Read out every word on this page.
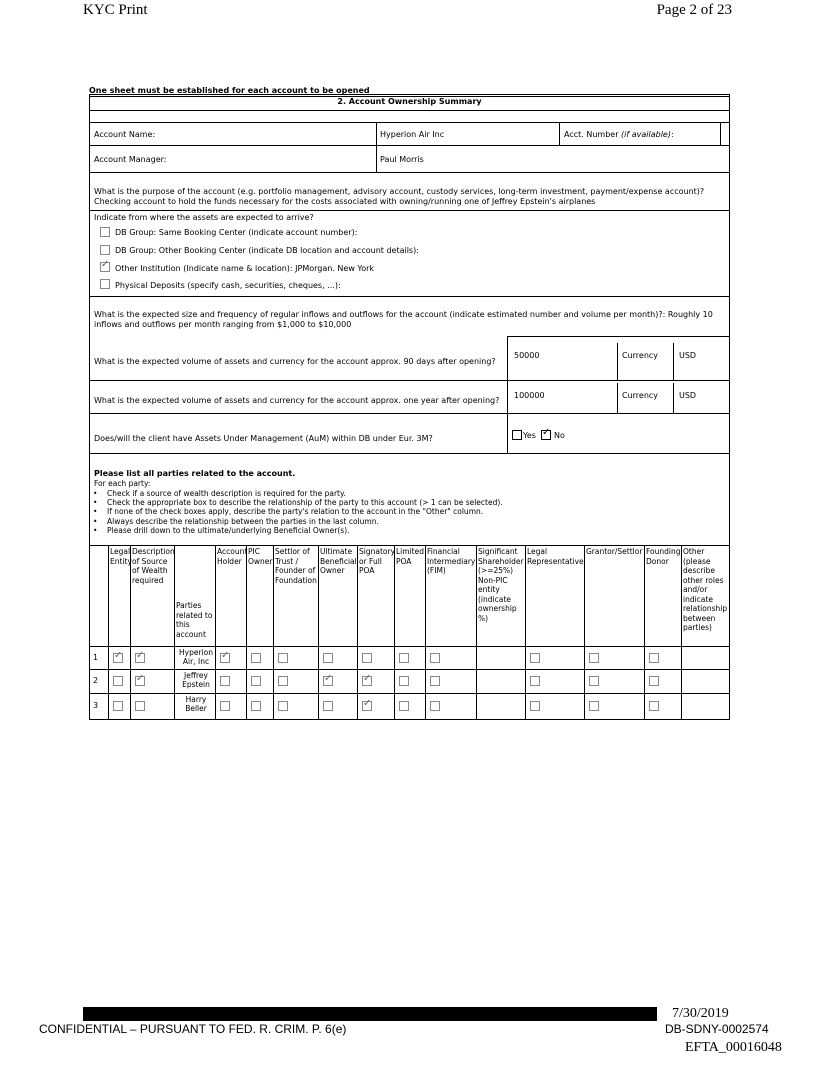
KYC Print	Page 2 of 23
One sheet must be established for each account to be opened
2. Account Ownership Summary
Account Name:	Hyperion Air Inc	Acct. Number (if available):
Account Manager:	Paul Morris
What is the purpose of the account (e.g. portfolio management, advisory account, custody services, long-term investment, payment/expense account)?  Checking account to hold the funds necessary for the costs associated with owning/running one of Jeffrey Epstein's airplanes
Indicate from where the assets are expected to arrive?
DB Group: Same Booking Center (indicate account number):
DB Group: Other Booking Center (indicate DB location and account details):
✓
Other Institution (Indicate name & location): JPMorgan. New York
Physical Deposits (specify cash, securities, cheques, ...):
What is the expected size and frequency of regular inflows and outflows for the account (indicate estimated number and volume per month)?: Roughly 10 inflows and outflows per month ranging from $1,000 to $10,000
What is the expected volume of assets and currency for the account approx. 90 days after opening?
50000	Currency	USD
What is the expected volume of assets and currency for the account approx. one year after opening?
100000	Currency	USD
Does/will the client have Assets Under Management (AuM) within DB under Eur. 3M?	Yes
✓ No
Please list all parties related to the account.
For each party:
• Check if a source of wealth description is required for the party.
• Check the appropriate box to describe the relationship of the party to this account (> 1 can be selected).
• If none of the check boxes apply, describe the party's relation to the account in the "Other" column.
• Always describe the relationship between the parties in the last column.
• Please drill down to the ultimate/underlying Beneficial Owner(s).
Legal Entity
Description of Source of Wealth required
Parties related to this account
Account Holder
PIC Owner
Settlor of Trust / Founder of Foundation
Ultimate Beneficial Owner
Signatory or Full POA
Limited POA
Financial Intermediary (FIM)
Significant Shareholder (>=25%) Non-PIC entity (indicate ownership %)
Legal Representative
Grantor/Settlor Founding Donor
Other (please describe other roles and/or indicate relationship between parties)
1	Hyperion Air, Inc
✓
✓
✓
2
Jeffrey Epstein
✓
✓
✓
3
Harry Beller
✓
CONFIDENTIAL – PURSUANT TO FED. R. CRIM. P. 6(e)
7/30/2019
DB-SDNY-0002574
EFTA_00016048
